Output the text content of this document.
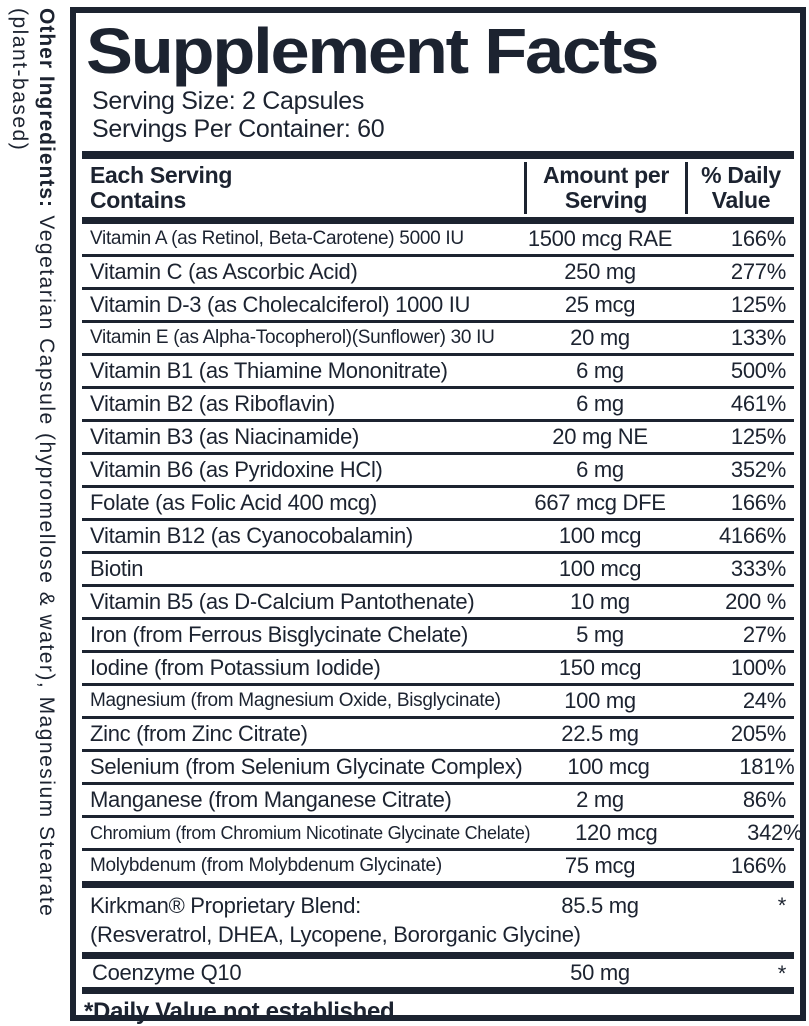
Other Ingredients: Vegetarian Capsule (hypromellose & water), Magnesium Stearate
(plant-based) Supplement Facts
Serving Size: 2 Capsules
Servings Per Container: 60
Each Serving
Contains
Amount per
Serving
% Daily
Value
Vitamin A (as Retinol, Beta-Carotene) 5000 IU	1500 mcg RAE	166%
Vitamin C (as Ascorbic Acid)	250 mg	277%
Vitamin D-3 (as Cholecalciferol) 1000 IU	25 mcg	125%
Vitamin E (as Alpha-Tocopherol)(Sunflower) 30 IU	20 mg	133%
Vitamin B1 (as Thiamine Mononitrate)	6 mg	500%
Vitamin B2 (as Riboflavin)	6 mg	461%
Vitamin B3 (as Niacinamide)	20 mg NE	125%
Vitamin B6 (as Pyridoxine HCl)	6 mg	352%
Folate (as Folic Acid 400 mcg)	667 mcg DFE	166%
Vitamin B12 (as Cyanocobalamin)	100 mcg	4166%
Biotin	100 mcg	333%
Vitamin B5 (as D-Calcium Pantothenate)	10 mg	200 %
Iron (from Ferrous Bisglycinate Chelate)	5 mg	27%
Iodine (from Potassium Iodide)	150 mcg	100%
Magnesium (from Magnesium Oxide, Bisglycinate)	100 mg	24%
Zinc (from Zinc Citrate)	22.5 mg	205%
Selenium (from Selenium Glycinate Complex)	100 mcg	181%
Manganese (from Manganese Citrate)	2 mg	86%
Chromium (from Chromium Nicotinate Glycinate Chelate)	120 mcg	342%
Molybdenum (from Molybdenum Glycinate)	75 mcg	166%
Kirkman® Proprietary Blend:	85.5 mg	*
(Resveratrol, DHEA, Lycopene, Bororganic Glycine)
Coenzyme Q10	50 mg	*
*Daily Value not established
